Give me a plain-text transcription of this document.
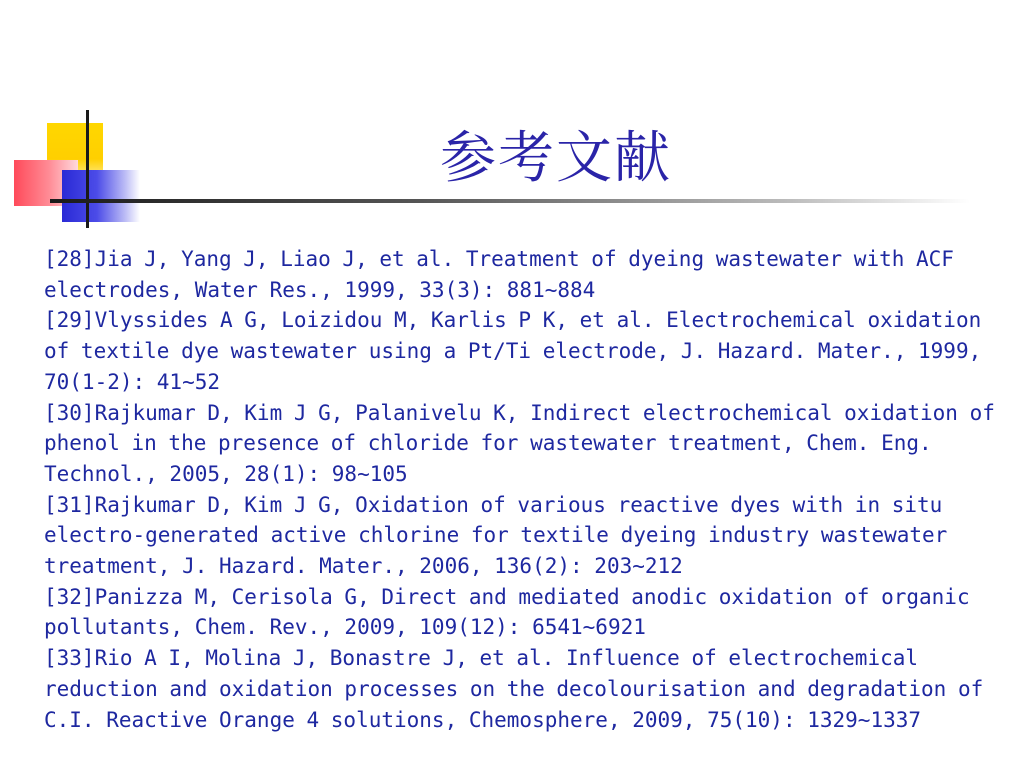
参考文献
[28]Jia J, Yang J, Liao J, et al. Treatment of dyeing wastewater with ACF electrodes, Water Res., 1999, 33(3): 881~884
[29]Vlyssides A G, Loizidou M, Karlis P K, et al. Electrochemical oxidation of textile dye wastewater using a Pt/Ti electrode, J. Hazard. Mater., 1999, 70(1-2): 41~52
[30]Rajkumar D, Kim J G, Palanivelu K, Indirect electrochemical oxidation of phenol in the presence of chloride for wastewater treatment, Chem. Eng. Technol., 2005, 28(1): 98~105
[31]Rajkumar D, Kim J G, Oxidation of various reactive dyes with in situ electro-generated active chlorine for textile dyeing industry wastewater treatment, J. Hazard. Mater., 2006, 136(2): 203~212
[32]Panizza M, Cerisola G, Direct and mediated anodic oxidation of organic pollutants, Chem. Rev., 2009, 109(12): 6541~6921
[33]Rio A I, Molina J, Bonastre J, et al. Influence of electrochemical reduction and oxidation processes on the decolourisation and degradation of C.I. Reactive Orange 4 solutions, Chemosphere, 2009, 75(10): 1329~1337
